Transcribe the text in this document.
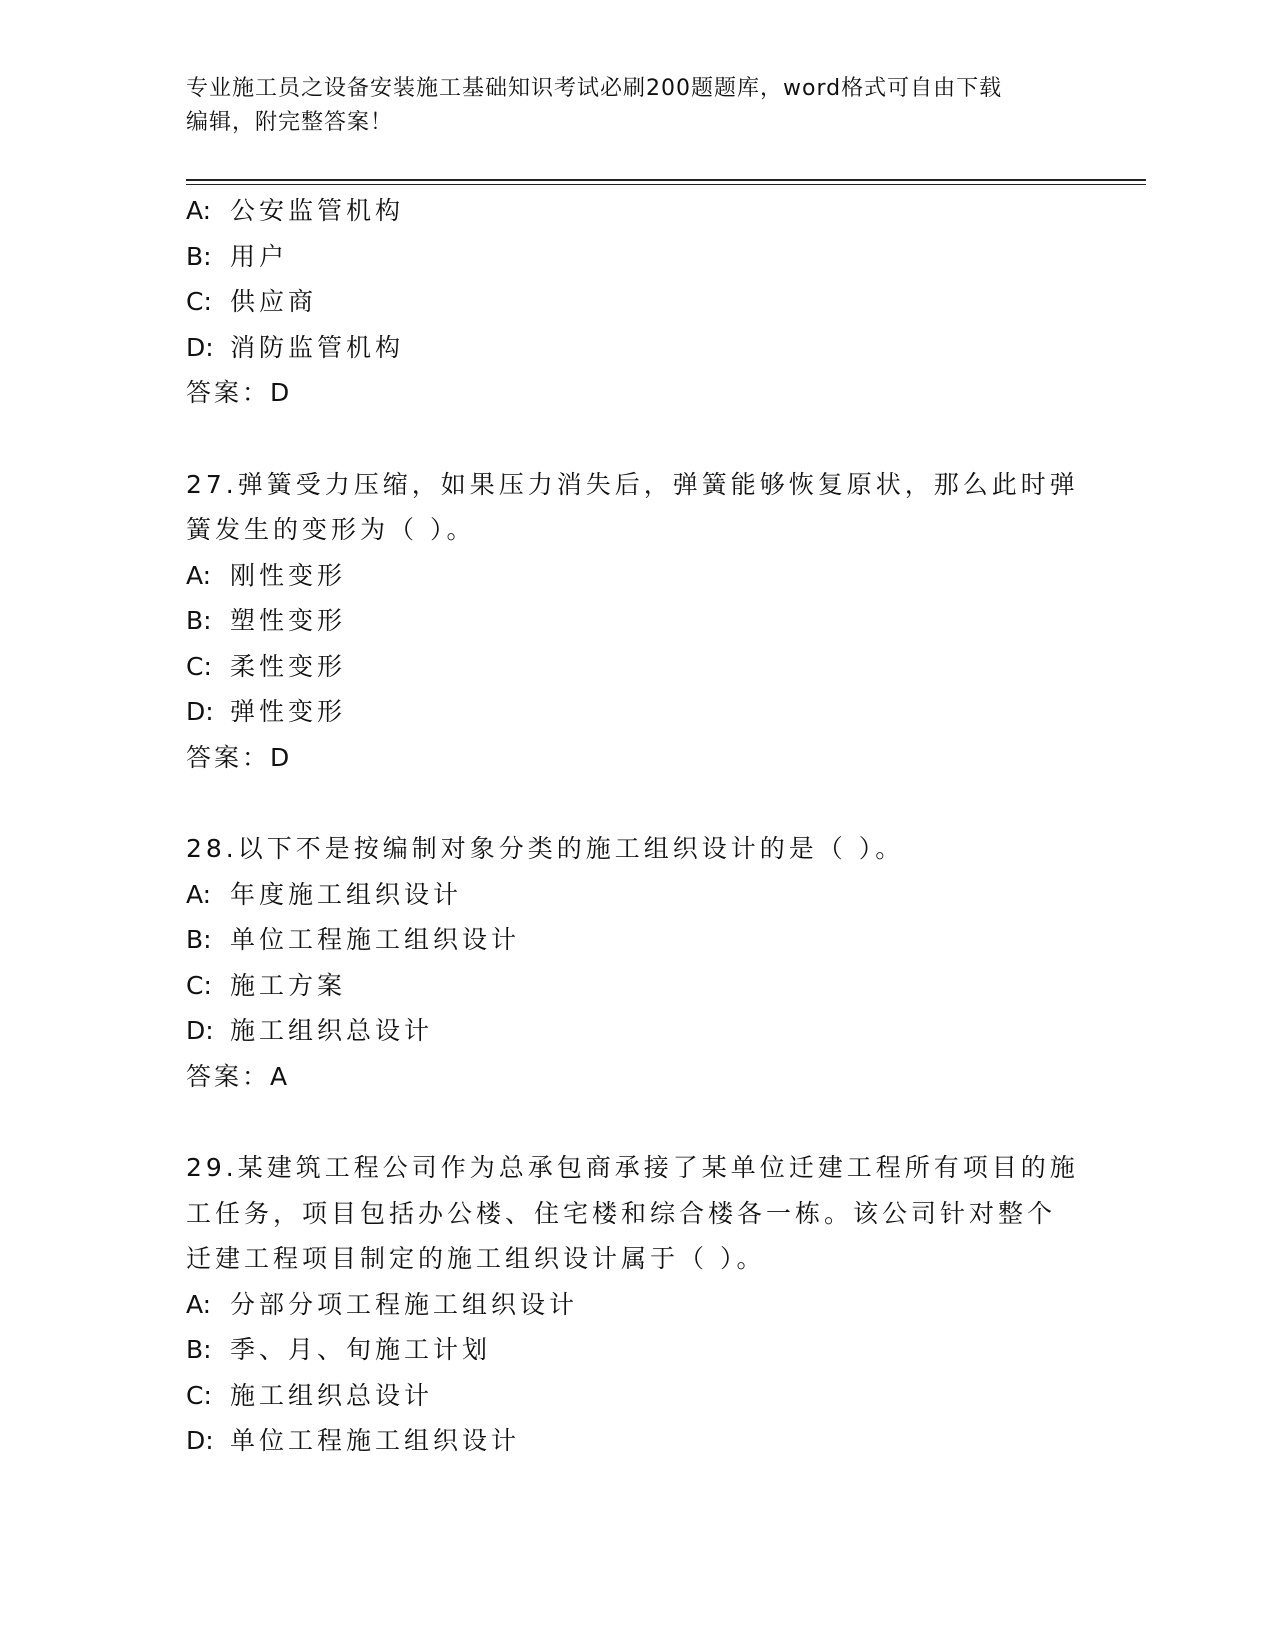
专业施工员之设备安装施工基础知识考试必刷200题题库，word格式可自由下载
编辑，附完整答案！
A: 公安监管机构
B: 用户
C: 供应商
D: 消防监管机构
答案：D
27.弹簧受力压缩，如果压力消失后，弹簧能够恢复原状，那么此时弹
簧发生的变形为（ ）。
A: 刚性变形
B: 塑性变形
C: 柔性变形
D: 弹性变形
答案：D
28.以下不是按编制对象分类的施工组织设计的是（ ）。
A: 年度施工组织设计
B: 单位工程施工组织设计
C: 施工方案
D: 施工组织总设计
答案：A
29.某建筑工程公司作为总承包商承接了某单位迁建工程所有项目的施
工任务，项目包括办公楼、住宅楼和综合楼各一栋。该公司针对整个
迁建工程项目制定的施工组织设计属于（ ）。
A: 分部分项工程施工组织设计
B: 季、月、旬施工计划
C: 施工组织总设计
D: 单位工程施工组织设计
